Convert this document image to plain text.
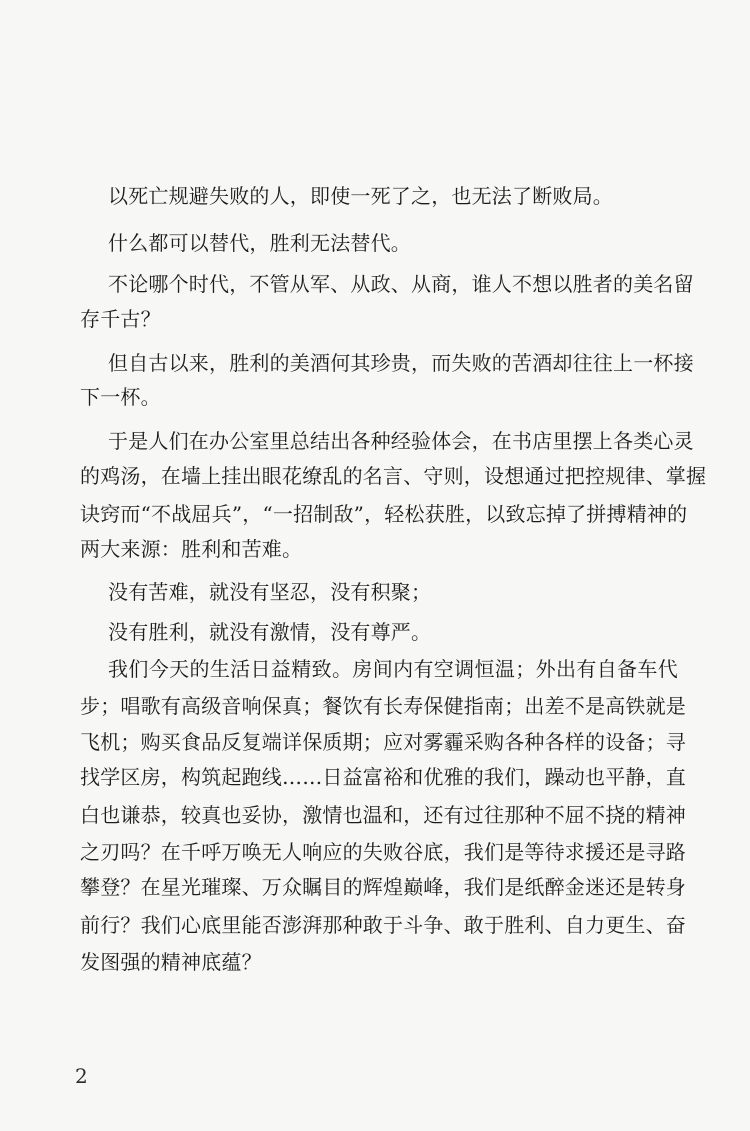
以死亡规避失败的人，即使一死了之，也无法了断败局。
什么都可以替代，胜利无法替代。
不论哪个时代，不管从军、从政、从商，谁人不想以胜者的美名留
存千古？
但自古以来，胜利的美酒何其珍贵，而失败的苦酒却往往上一杯接
下一杯。
于是人们在办公室里总结出各种经验体会，在书店里摆上各类心灵
的鸡汤，在墙上挂出眼花缭乱的名言、守则，设想通过把控规律、掌握
诀窍而“不战屈兵”，“一招制敌”，轻松获胜，以致忘掉了拼搏精神的
两大来源：胜利和苦难。
没有苦难，就没有坚忍，没有积聚；
没有胜利，就没有激情，没有尊严。
我们今天的生活日益精致。房间内有空调恒温；外出有自备车代
步；唱歌有高级音响保真；餐饮有长寿保健指南；出差不是高铁就是
飞机；购买食品反复端详保质期；应对雾霾采购各种各样的设备；寻
找学区房，构筑起跑线……日益富裕和优雅的我们，躁动也平静，直
白也谦恭，较真也妥协，激情也温和，还有过往那种不屈不挠的精神
之刃吗？在千呼万唤无人响应的失败谷底，我们是等待求援还是寻路
攀登？在星光璀璨、万众瞩目的辉煌巅峰，我们是纸醉金迷还是转身
前行？我们心底里能否澎湃那种敢于斗争、敢于胜利、自力更生、奋
发图强的精神底蕴？
2
